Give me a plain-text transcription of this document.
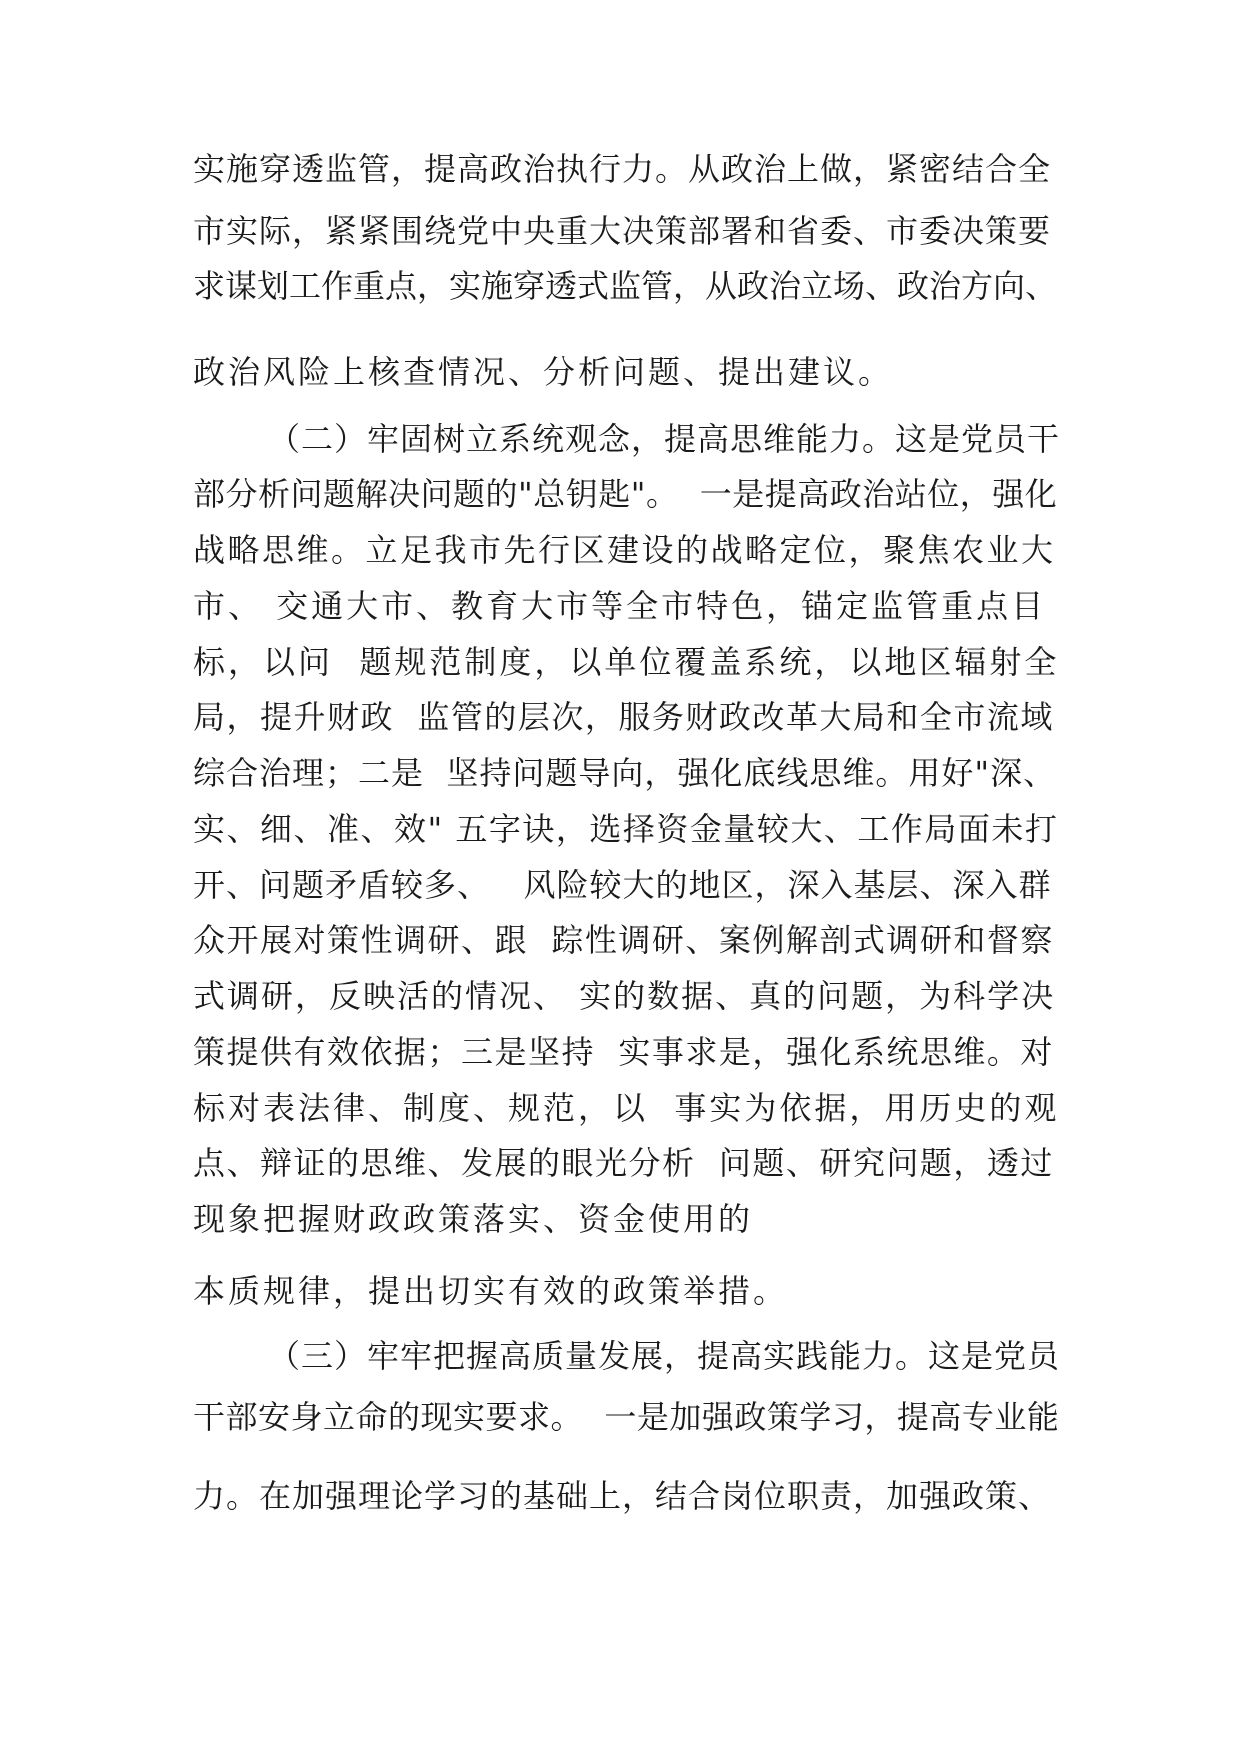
实施穿透监管，提高政治执行力。从政治上做，紧密结合全

市实际，紧紧围绕党中央重大决策部署和省委、市委决策要

求谋划工作重点，实施穿透式监管，从政治立场、政治方向、

政治风险上核查情况、分析问题、提出建议。

（二）牢固树立系统观念，提高思维能力。这是党员干

部分析问题解决问题的"总钥匙"。  一是提高政治站位，强化

战略思维。立足我市先行区建设的战略定位，聚焦农业大

市、 交通大市、教育大市等全市特色，锚定监管重点目

标，以问  题规范制度，以单位覆盖系统，以地区辐射全

局，提升财政  监管的层次，服务财政改革大局和全市流域

综合治理；二是  坚持问题导向，强化底线思维。用好"深、

实、细、准、效" 五字诀，选择资金量较大、工作局面未打

开、问题矛盾较多、   风险较大的地区，深入基层、深入群

众开展对策性调研、跟  踪性调研、案例解剖式调研和督察

式调研，反映活的情况、 实的数据、真的问题，为科学决

策提供有效依据；三是坚持  实事求是，强化系统思维。对

标对表法律、制度、规范，以  事实为依据，用历史的观

点、辩证的思维、发展的眼光分析  问题、研究问题，透过

现象把握财政政策落实、资金使用的

本质规律，提出切实有效的政策举措。

（三）牢牢把握高质量发展，提高实践能力。这是党员

干部安身立命的现实要求。  一是加强政策学习，提高专业能

力。在加强理论学习的基础上，结合岗位职责，加强政策、
